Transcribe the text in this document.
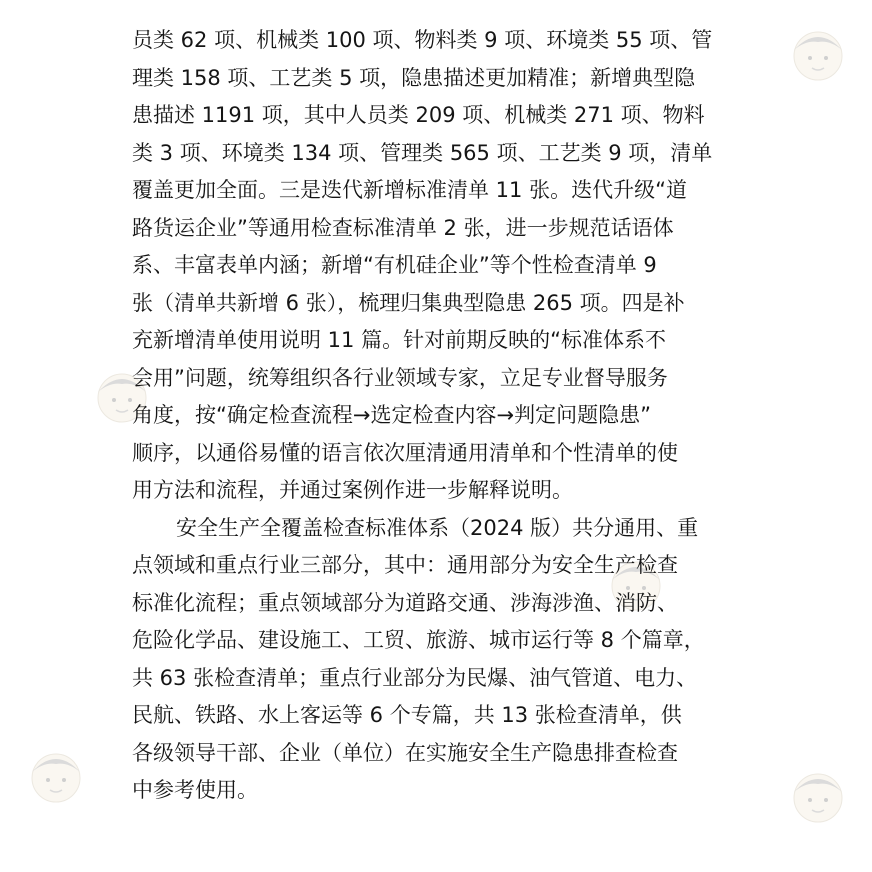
员类 62 项、机械类 100 项、物料类 9 项、环境类 55 项、管
理类 158 项、工艺类 5 项，隐患描述更加精准；新增典型隐
患描述 1191 项，其中人员类 209 项、机械类 271 项、物料
类 3 项、环境类 134 项、管理类 565 项、工艺类 9 项，清单
覆盖更加全面。三是迭代新增标准清单 11 张。迭代升级“道
路货运企业”等通用检查标准清单 2 张，进一步规范话语体
系、丰富表单内涵；新增“有机硅企业”等个性检查清单 9
张（清单共新增 6 张），梳理归集典型隐患 265 项。四是补
充新增清单使用说明 11 篇。针对前期反映的“标准体系不
会用”问题，统筹组织各行业领域专家，立足专业督导服务
角度，按“确定检查流程→选定检查内容→判定问题隐患”
顺序，以通俗易懂的语言依次厘清通用清单和个性清单的使
用方法和流程，并通过案例作进一步解释说明。
安全生产全覆盖检查标准体系（2024 版）共分通用、重
点领域和重点行业三部分，其中：通用部分为安全生产检查
标准化流程；重点领域部分为道路交通、涉海涉渔、消防、
危险化学品、建设施工、工贸、旅游、城市运行等 8 个篇章，
共 63 张检查清单；重点行业部分为民爆、油气管道、电力、
民航、铁路、水上客运等 6 个专篇，共 13 张检查清单，供
各级领导干部、企业（单位）在实施安全生产隐患排查检查
中参考使用。
